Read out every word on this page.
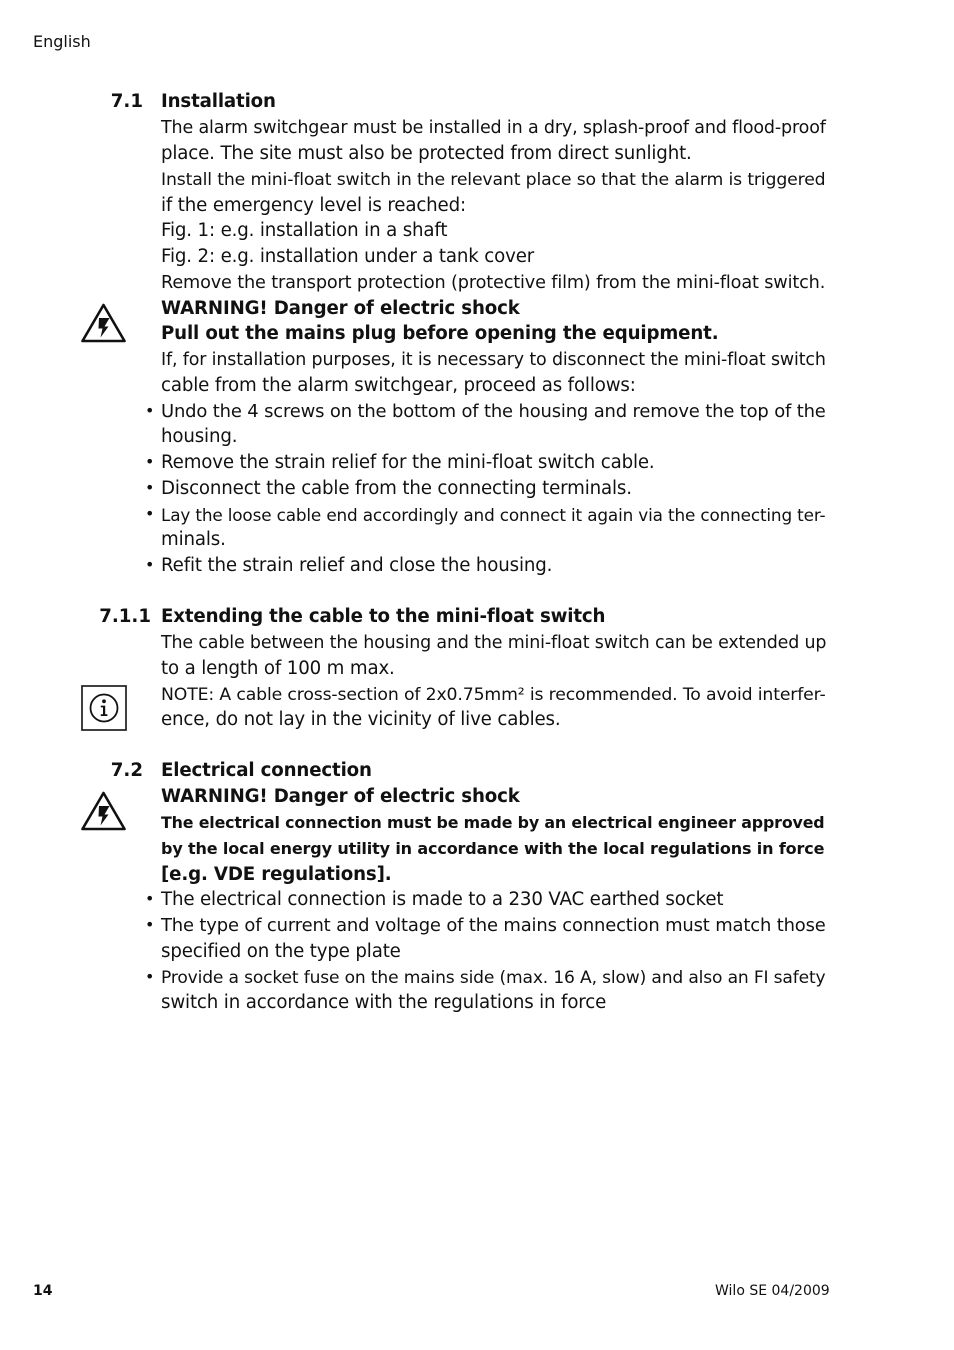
English
7.1 Installation
The alarm switchgear must be installed in a dry, splash-proof and flood-proof
place. The site must also be protected from direct sunlight.
Install the mini-float switch in the relevant place so that the alarm is triggered
if the emergency level is reached:
Fig. 1: e.g. installation in a shaft
Fig. 2: e.g. installation under a tank cover
Remove the transport protection (protective film) from the mini-float switch.
WARNING! Danger of electric shock
Pull out the mains plug before opening the equipment.
If, for installation purposes, it is necessary to disconnect the mini-float switch
cable from the alarm switchgear, proceed as follows:
• Undo the 4 screws on the bottom of the housing and remove the top of the
housing.
• Remove the strain relief for the mini-float switch cable.
• Disconnect the cable from the connecting terminals.
• Lay the loose cable end accordingly and connect it again via the connecting ter-
minals.
• Refit the strain relief and close the housing.
7.1.1 Extending the cable to the mini-float switch
The cable between the housing and the mini-float switch can be extended up
to a length of 100 m max.
NOTE: A cable cross-section of 2x0.75mm² is recommended. To avoid interfer-
ence, do not lay in the vicinity of live cables.
7.2 Electrical connection
WARNING! Danger of electric shock
The electrical connection must be made by an electrical engineer approved
by the local energy utility in accordance with the local regulations in force
[e.g. VDE regulations].
• The electrical connection is made to a 230 VAC earthed socket
• The type of current and voltage of the mains connection must match those
specified on the type plate
• Provide a socket fuse on the mains side (max. 16 A, slow) and also an FI safety
switch in accordance with the regulations in force
14	Wilo SE 04/2009
